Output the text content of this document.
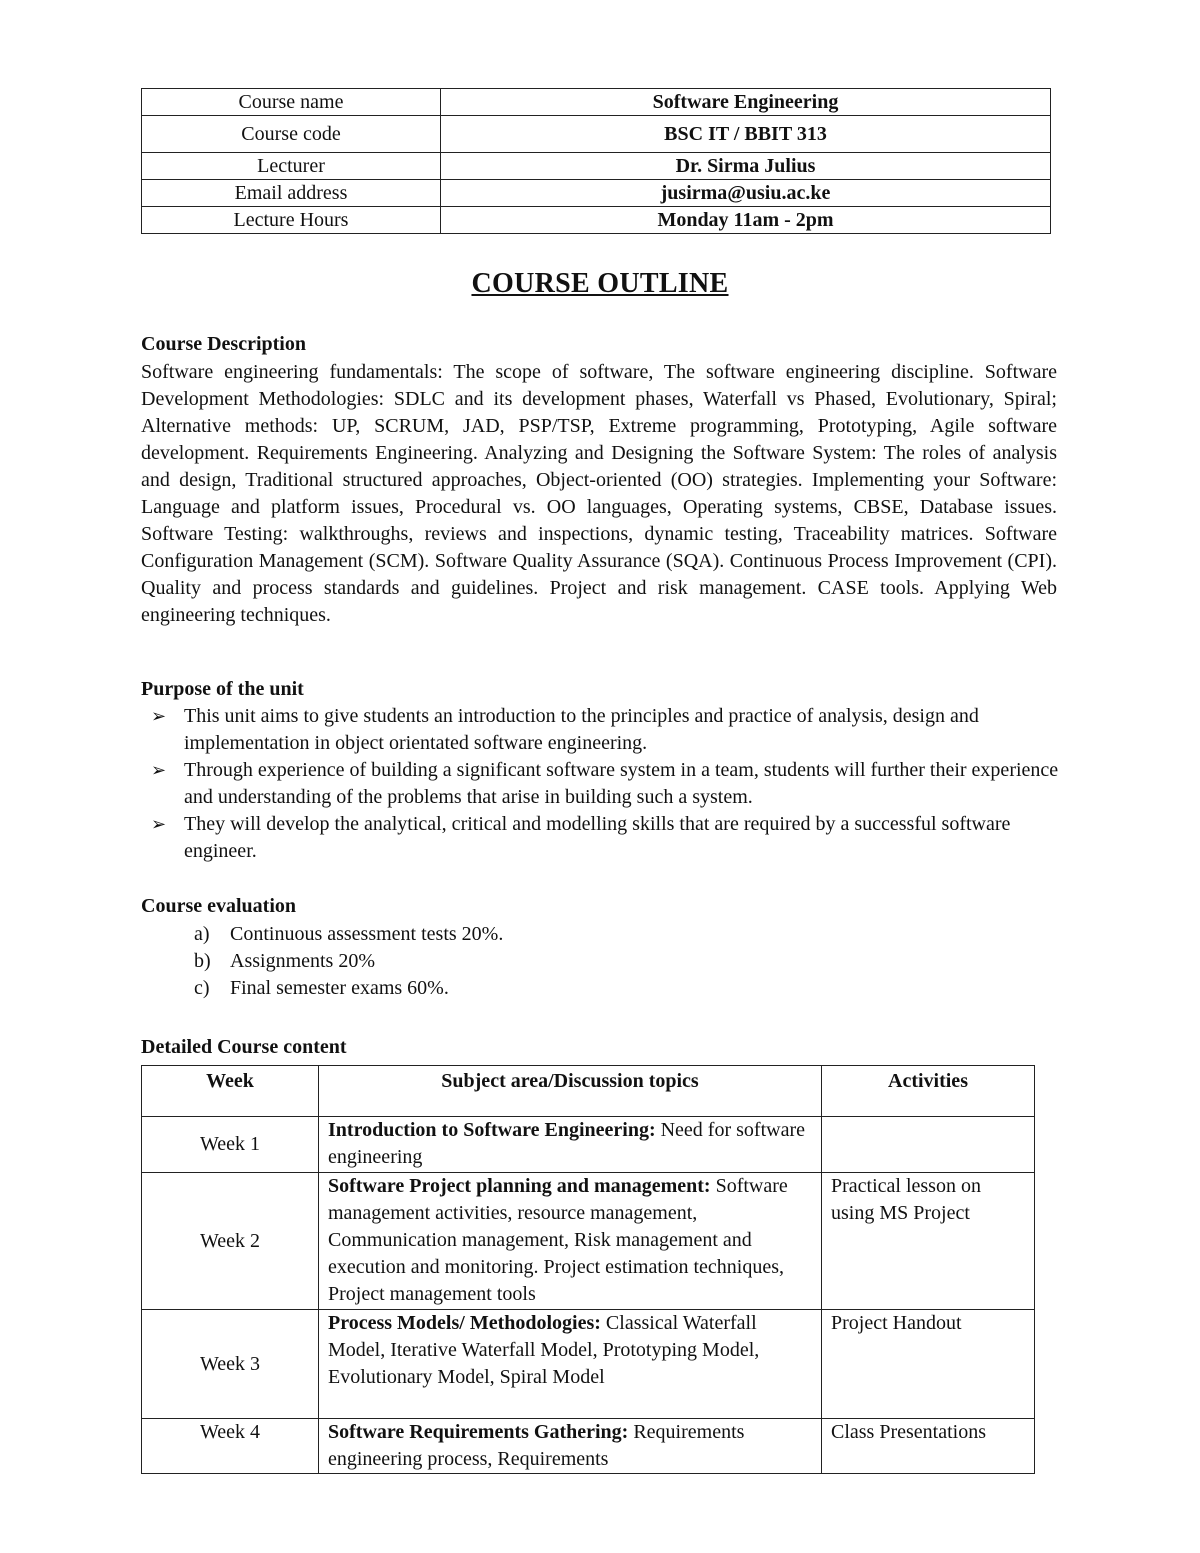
Course name	Software Engineering
Course code	BSC IT / BBIT 313
Lecturer	Dr. Sirma Julius
Email address	jusirma@usiu.ac.ke
Lecture Hours	Monday 11am - 2pm
COURSE OUTLINE
Course Description
Software engineering fundamentals: The scope of software, The software engineering discipline. Software Development Methodologies: SDLC and its development phases, Waterfall vs Phased, Evolutionary, Spiral; Alternative methods: UP, SCRUM, JAD, PSP/TSP, Extreme programming, Prototyping, Agile software development. Requirements Engineering. Analyzing and Designing the Software System: The roles of analysis and design, Traditional structured approaches, Object-oriented (OO) strategies. Implementing your Software: Language and platform issues, Procedural vs. OO languages, Operating systems, CBSE, Database issues. Software Testing: walkthroughs, reviews and inspections, dynamic testing, Traceability matrices. Software Configuration Management (SCM). Software Quality Assurance (SQA). Continuous Process Improvement (CPI). Quality and process standards and guidelines. Project and risk management. CASE tools. Applying Web engineering techniques.
Purpose of the unit
➢ This unit aims to give students an introduction to the principles and practice of analysis, design and implementation in object orientated software engineering.
➢ Through experience of building a significant software system in a team, students will further their experience and understanding of the problems that arise in building such a system.
➢ They will develop the analytical, critical and modelling skills that are required by a successful software engineer.
Course evaluation
a) Continuous assessment tests 20%.
b) Assignments 20%
c) Final semester exams 60%.
Detailed Course content
Week	Subject area/Discussion topics	Activities
Week 1	Introduction to Software Engineering: Need for software engineering	
Week 2	Software Project planning and management: Software management activities, resource management, Communication management, Risk management and execution and monitoring. Project estimation techniques, Project management tools	Practical lesson on using MS Project
Week 3	Process Models/ Methodologies: Classical Waterfall Model, Iterative Waterfall Model, Prototyping Model, Evolutionary Model, Spiral Model	Project Handout
Week 4	Software Requirements Gathering: Requirements engineering process, Requirements	Class Presentations
